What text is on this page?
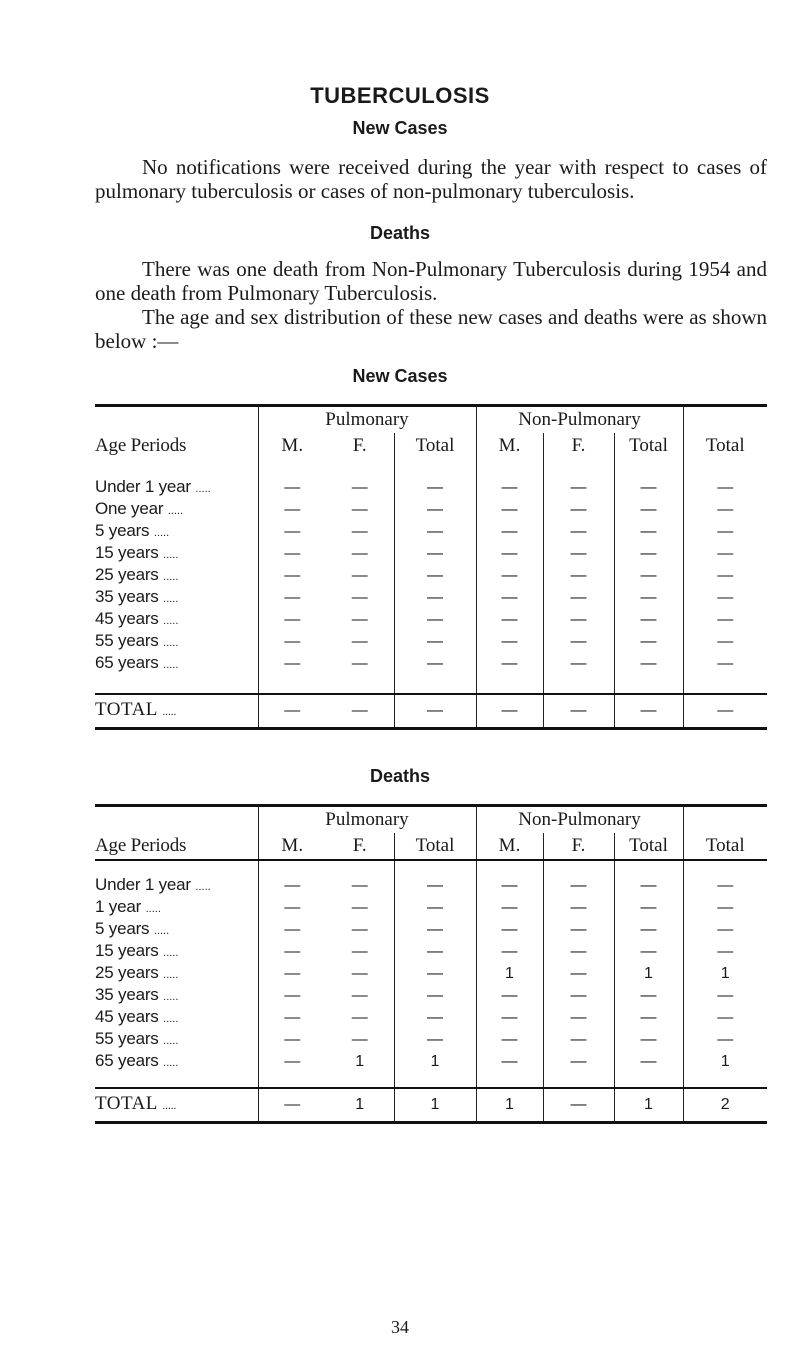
TUBERCULOSIS
New Cases

No notifications were received during the year with respect to cases of pulmonary tuberculosis or cases of non-pulmonary tuberculosis.

Deaths

There was one death from Non-Pulmonary Tuberculosis during 1954 and one death from Pulmonary Tuberculosis.

The age and sex distribution of these new cases and deaths were as shown below :—

New Cases
	Pulmonary			Non-Pulmonary			
Age Periods	M.	F.	Total	M.	F.	Total	Total

Under 1 year .....	—	—	—	—	—	—	—
One year .....	—	—	—	—	—	—	—
5 years .....	—	—	—	—	—	—	—
15 years .....	—	—	—	—	—	—	—
25 years .....	—	—	—	—	—	—	—
35 years .....	—	—	—	—	—	—	—
45 years .....	—	—	—	—	—	—	—
55 years .....	—	—	—	—	—	—	—
65 years .....	—	—	—	—	—	—	—

TOTAL .....	—	—	—	—	—	—	—
Deaths
	Pulmonary			Non-Pulmonary			
Age Periods	M.	F.	Total	M.	F.	Total	Total

Under 1 year .....	—	—	—	—	—	—	—
1 year .....	—	—	—	—	—	—	—
5 years .....	—	—	—	—	—	—	—
15 years .....	—	—	—	—	—	—	—
25 years .....	—	—	—	1	—	1	1
35 years .....	—	—	—	—	—	—	—
45 years .....	—	—	—	—	—	—	—
55 years .....	—	—	—	—	—	—	—
65 years .....	—	1	1	—	—	—	1

TOTAL .....	—	1	1	1	—	1	2
34
